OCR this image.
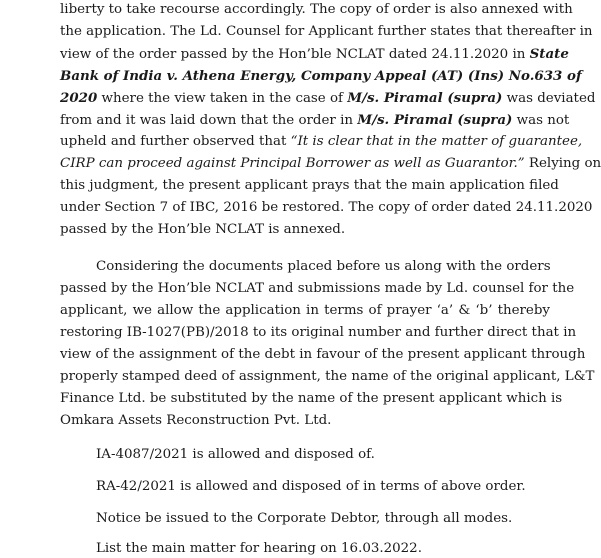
liberty to take recourse accordingly. The copy of order is also annexed with
the application. The Ld. Counsel for Applicant further states that thereafter in
view of the order passed by the Hon’ble NCLAT dated 24.11.2020 in State
Bank of India v. Athena Energy, Company Appeal (AT) (Ins) No.633 of
2020 where the view taken in the case of M/s. Piramal (supra) was deviated
from and it was laid down that the order in M/s. Piramal (supra) was not
upheld and further observed that “It is clear that in the matter of guarantee,
CIRP can proceed against Principal Borrower as well as Guarantor.” Relying on
this judgment, the present applicant prays that the main application filed
under Section 7 of IBC, 2016 be restored. The copy of order dated 24.11.2020
passed by the Hon’ble NCLAT is annexed.
Considering the documents placed before us along with the orders
passed by the Hon’ble NCLAT and submissions made by Ld. counsel for the
applicant, we allow the application in terms of prayer ‘a’ & ‘b’ thereby
restoring IB-1027(PB)/2018 to its original number and further direct that in
view of the assignment of the debt in favour of the present applicant through
properly stamped deed of assignment, the name of the original applicant, L&T
Finance Ltd. be substituted by the name of the present applicant which is
Omkara Assets Reconstruction Pvt. Ltd.
IA-4087/2021 is allowed and disposed of.
RA-42/2021 is allowed and disposed of in terms of above order.
Notice be issued to the Corporate Debtor, through all modes.
List the main matter for hearing on 16.03.2022.
